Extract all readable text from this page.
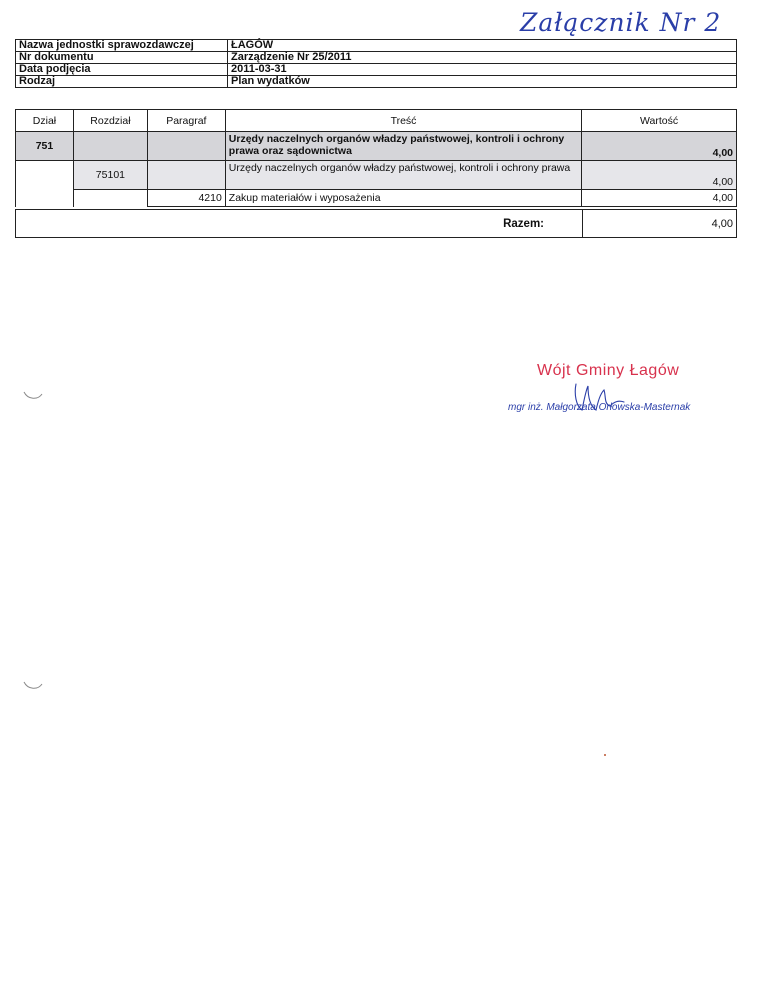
Załącznik Nr 2
Nazwa jednostki sprawozdawczej	ŁAGÓW
Nr dokumentu	Zarządzenie Nr 25/2011
Data podjęcia	2011-03-31
Rodzaj	Plan wydatków
Dział	Rozdział	Paragraf	Treść	Wartość
751			Urzędy naczelnych organów władzy państwowej, kontroli i ochrony prawa oraz sądownictwa	4,00
	75101		Urzędy naczelnych organów władzy państwowej, kontroli i ochrony prawa	4,00
		4210	Zakup materiałów i wyposażenia	4,00
Razem:	4,00
Wójt Gminy Łagów
mgr inż. Małgorzata Orłowska-Masternak
